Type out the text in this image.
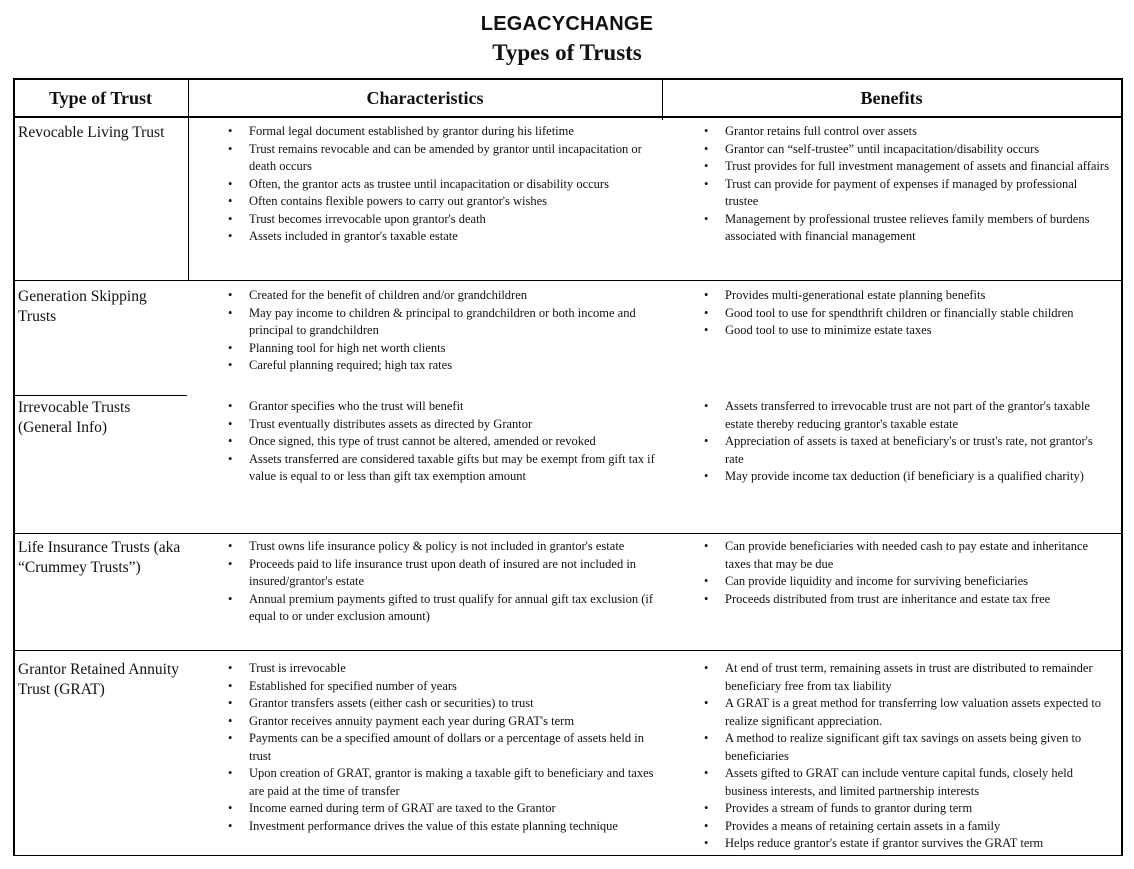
LEGACYCHANGE
Types of Trusts
Type of Trust	Characteristics	Benefits
Revocable Living Trust
•	Formal legal document established by grantor during his lifetime
• Trust remains revocable and can be amended by grantor until incapacitation or death occurs
• Often, the grantor acts as trustee until incapacitation or disability occurs
• Often contains flexible powers to carry out grantor's wishes
• Trust becomes irrevocable upon grantor's death
• Assets included in grantor's taxable estate
• Grantor retains full control over assets
• Grantor can “self-trustee” until incapacitation/disability occurs
• Trust provides for full investment management of assets and financial affairs
• Trust can provide for payment of expenses if managed by professional trustee
• Management by professional trustee relieves family members of burdens associated with financial management
Generation Skipping Trusts
• Created for the benefit of children and/or grandchildren
• May pay income to children & principal to grandchildren or both income and principal to grandchildren
• Planning tool for high net worth clients
• Careful planning required; high tax rates
• Provides multi-generational estate planning benefits
• Good tool to use for spendthrift children or financially stable children
• Good tool to use to minimize estate taxes
Irrevocable Trusts (General Info)
• Grantor specifies who the trust will benefit
• Trust eventually distributes assets as directed by Grantor
• Once signed, this type of trust cannot be altered, amended or revoked
• Assets transferred are considered taxable gifts but may be exempt from gift tax if value is equal to or less than gift tax exemption amount
• Assets transferred to irrevocable trust are not part of the grantor's taxable estate thereby reducing grantor's taxable estate
• Appreciation of assets is taxed at beneficiary's or trust's rate, not grantor's rate
• May provide income tax deduction (if beneficiary is a qualified charity)
Life Insurance Trusts (aka “Crummey Trusts”)
• Trust owns life insurance policy & policy is not included in grantor's estate
• Proceeds paid to life insurance trust upon death of insured are not included in insured/grantor's estate
• Annual premium payments gifted to trust qualify for annual gift tax exclusion (if equal to or under exclusion amount)
• Can provide beneficiaries with needed cash to pay estate and inheritance taxes that may be due
• Can provide liquidity and income for surviving beneficiaries
• Proceeds distributed from trust are inheritance and estate tax free
Grantor Retained Annuity Trust (GRAT)
• Trust is irrevocable
• Established for specified number of years
• Grantor transfers assets (either cash or securities) to trust
• Grantor receives annuity payment each year during GRAT's term
• Payments can be a specified amount of dollars or a percentage of assets held in trust
• Upon creation of GRAT, grantor is making a taxable gift to beneficiary and taxes are paid at the time of transfer
• Income earned during term of GRAT are taxed to the Grantor
• Investment performance drives the value of this estate planning technique
• At end of trust term, remaining assets in trust are distributed to remainder beneficiary free from tax liability
• A GRAT is a great method for transferring low valuation assets expected to realize significant appreciation.
• A method to realize significant gift tax savings on assets being given to beneficiaries
• Assets gifted to GRAT can include venture capital funds, closely held business interests, and limited partnership interests
• Provides a stream of funds to grantor during term
• Provides a means of retaining certain assets in a family
• Helps reduce grantor's estate if grantor survives the GRAT term
